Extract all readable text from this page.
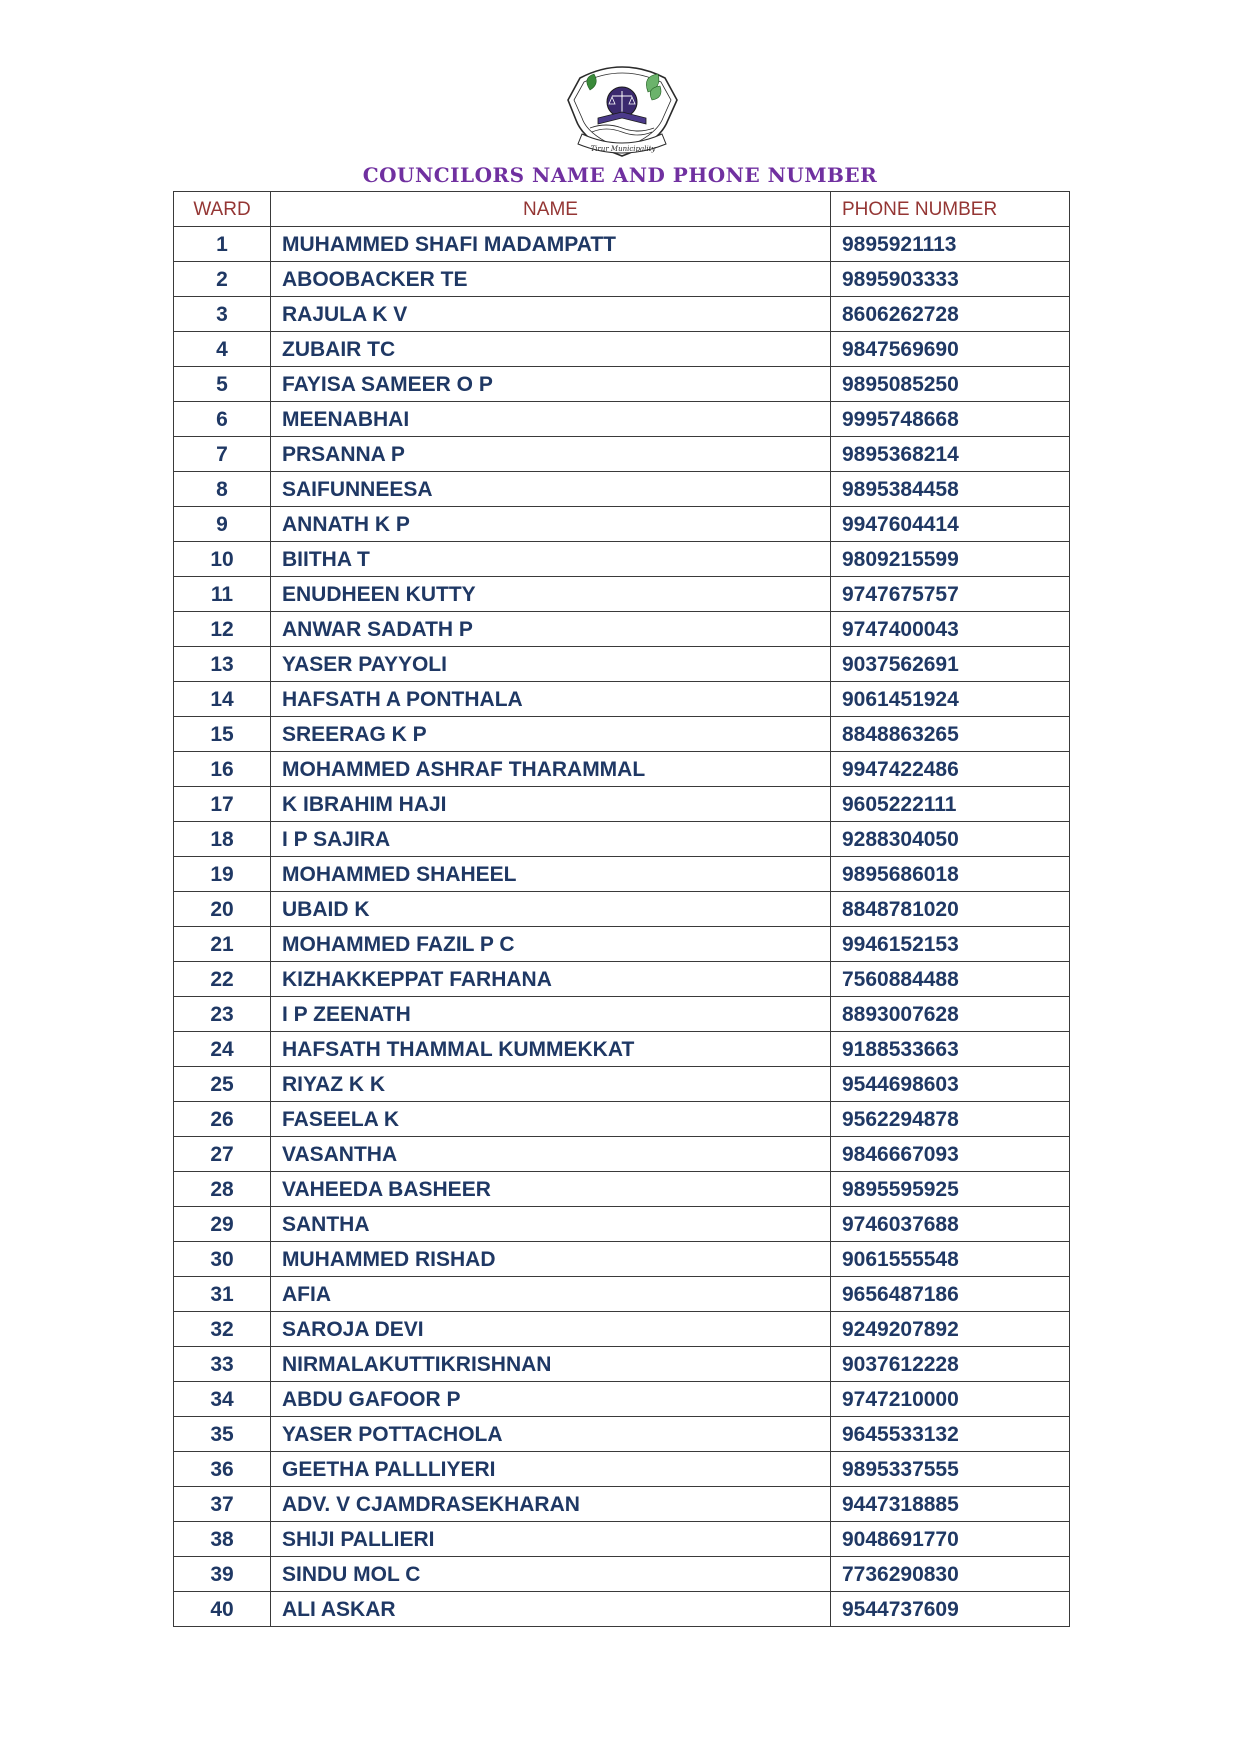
Tirur Municipality
COUNCILORS NAME AND PHONE NUMBER
WARD	NAME	PHONE NUMBER
1	MUHAMMED SHAFI MADAMPATT	9895921113
2	ABOOBACKER TE	9895903333
3	RAJULA K V	8606262728
4	ZUBAIR TC	9847569690
5	FAYISA SAMEER O P	9895085250
6	MEENABHAI	9995748668
7	PRSANNA P	9895368214
8	SAIFUNNEESA	9895384458
9	ANNATH K P	9947604414
10	BIITHA T	9809215599
11	ENUDHEEN KUTTY	9747675757
12	ANWAR SADATH P	9747400043
13	YASER PAYYOLI	9037562691
14	HAFSATH A PONTHALA	9061451924
15	SREERAG K P	8848863265
16	MOHAMMED ASHRAF THARAMMAL	9947422486
17	K IBRAHIM HAJI	9605222111
18	I P SAJIRA	9288304050
19	MOHAMMED SHAHEEL	9895686018
20	UBAID K	8848781020
21	MOHAMMED FAZIL P C	9946152153
22	KIZHAKKEPPAT FARHANA	7560884488
23	I P ZEENATH	8893007628
24	HAFSATH THAMMAL KUMMEKKAT	9188533663
25	RIYAZ K K	9544698603
26	FASEELA K	9562294878
27	VASANTHA	9846667093
28	VAHEEDA BASHEER	9895595925
29	SANTHA	9746037688
30	MUHAMMED RISHAD	9061555548
31	AFIA	9656487186
32	SAROJA DEVI	9249207892
33	NIRMALAKUTTIKRISHNAN	9037612228
34	ABDU GAFOOR P	9747210000
35	YASER POTTACHOLA	9645533132
36	GEETHA PALLLIYERI	9895337555
37	ADV. V CJAMDRASEKHARAN	9447318885
38	SHIJI PALLIERI	9048691770
39	SINDU MOL C	7736290830
40	ALI ASKAR	9544737609
